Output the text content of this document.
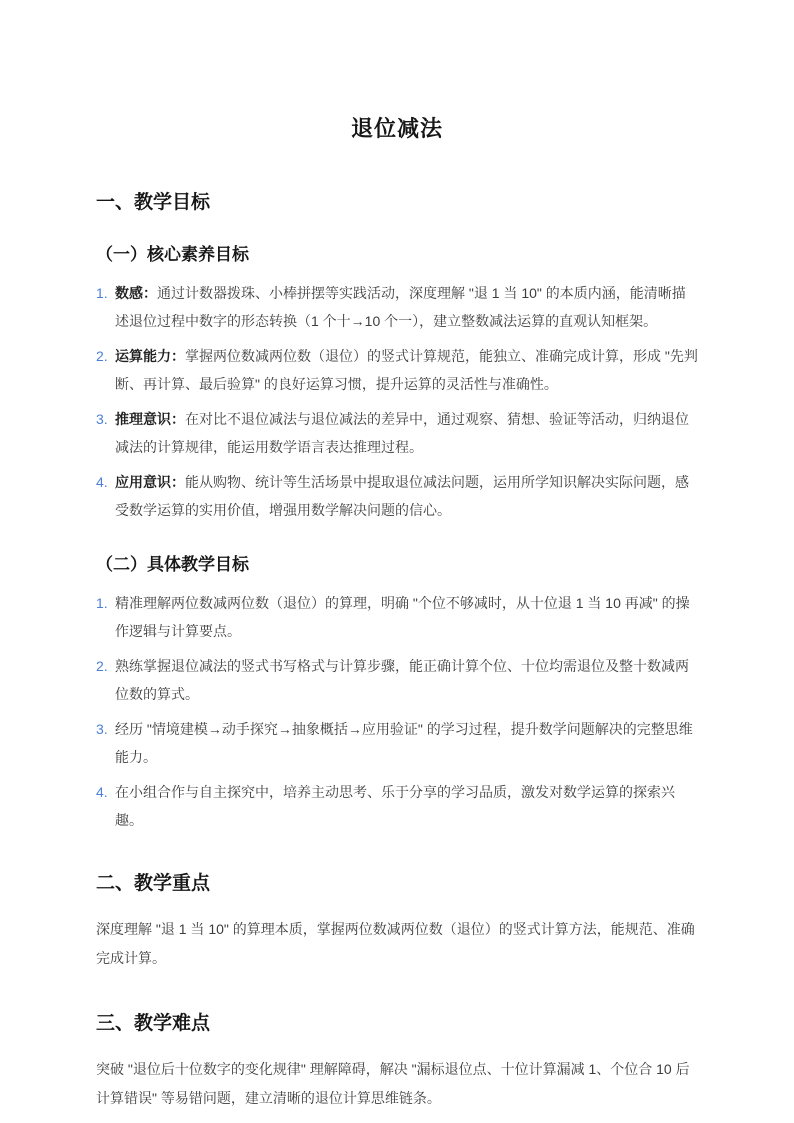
退位减法
一、教学目标
（一）核心素养目标
1. 数感：通过计数器拨珠、小棒拼摆等实践活动，深度理解 "退 1 当 10" 的本质内涵，能清晰描述退位过程中数字的形态转换（1 个十→10 个一），建立整数减法运算的直观认知框架。
2. 运算能力：掌握两位数减两位数（退位）的竖式计算规范，能独立、准确完成计算，形成 "先判断、再计算、最后验算" 的良好运算习惯，提升运算的灵活性与准确性。
3. 推理意识：在对比不退位减法与退位减法的差异中，通过观察、猜想、验证等活动，归纳退位减法的计算规律，能运用数学语言表达推理过程。
4. 应用意识：能从购物、统计等生活场景中提取退位减法问题，运用所学知识解决实际问题，感受数学运算的实用价值，增强用数学解决问题的信心。
（二）具体教学目标
1. 精准理解两位数减两位数（退位）的算理，明确 "个位不够减时，从十位退 1 当 10 再减" 的操作逻辑与计算要点。
2. 熟练掌握退位减法的竖式书写格式与计算步骤，能正确计算个位、十位均需退位及整十数减两位数的算式。
3. 经历 "情境建模→动手探究→抽象概括→应用验证" 的学习过程，提升数学问题解决的完整思维能力。
4. 在小组合作与自主探究中，培养主动思考、乐于分享的学习品质，激发对数学运算的探索兴趣。
二、教学重点

深度理解 "退 1 当 10" 的算理本质，掌握两位数减两位数（退位）的竖式计算方法，能规范、准确完成计算。

三、教学难点

突破 "退位后十位数字的变化规律" 理解障碍，解决 "漏标退位点、十位计算漏减 1、个位合 10 后计算错误" 等易错问题，建立清晰的退位计算思维链条。
